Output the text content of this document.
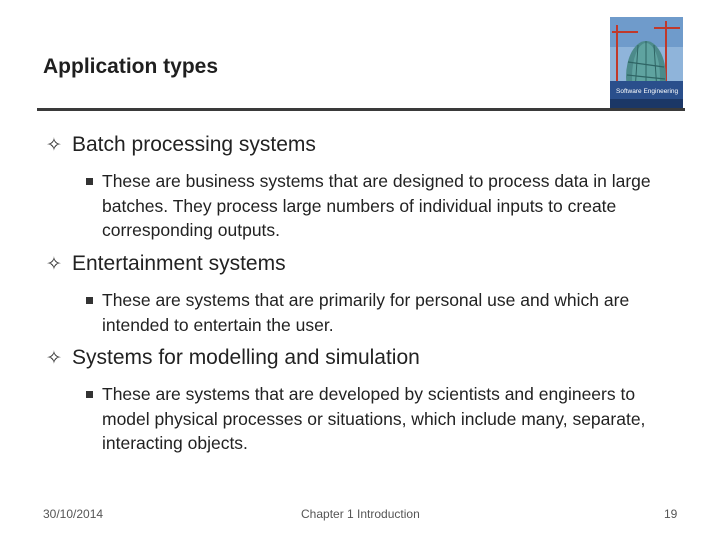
Application types
Software Engineering
✧ Batch processing systems
These are business systems that are designed to process data in large batches. They process large numbers of individual inputs to create corresponding outputs.
✧ Entertainment systems
These are systems that are primarily for personal use and which are intended to entertain the user.
✧ Systems for modelling and simulation
These are systems that are developed by scientists and engineers to model physical processes or situations, which include many, separate, interacting objects.
30/10/2014	Chapter 1 Introduction	19
